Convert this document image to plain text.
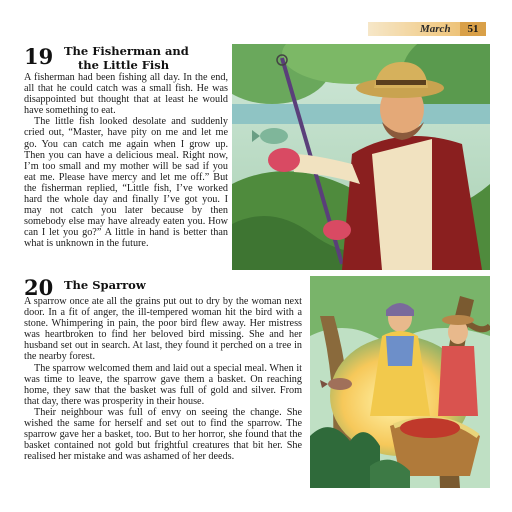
March	51
19 The Fisherman and
the Little Fish

A fisherman had been fishing all day. In the end, all that he could catch was a small fish. He was disappointed but thought that at least he would have something to eat.

The little fish looked desolate and suddenly cried out, “Master, have pity on me and let me go. You can catch me again when I grow up. Then you can have a delicious meal. Right now, I’m too small and my mother will be sad if you eat me. Please have mercy and let me off.” But the fisherman replied, “Little fish, I’ve worked hard the whole day and finally I’ve got you. I may not catch you later because by then somebody else may have already eaten you. How can I let you go?” A little in hand is better than what is unknown in the future.

20 The Sparrow

A sparrow once ate all the grains put out to dry by the woman next door. In a fit of anger, the ill-tempered woman hit the bird with a stone. Whimpering in pain, the poor bird flew away. Her mistress was heartbroken to find her beloved bird missing. She and her husband set out in search. At last, they found it perched on a tree in the nearby forest.

The sparrow welcomed them and laid out a special meal. When it was time to leave, the sparrow gave them a basket. On reaching home, they saw that the basket was full of gold and silver. From that day, there was prosperity in their house.

Their neighbour was full of envy on seeing the change. She wished the same for herself and set out to find the sparrow. The sparrow gave her a basket, too. But to her horror, she found that the basket contained not gold but frightful creatures that bit her. She realised her mistake and was ashamed of her deeds.
